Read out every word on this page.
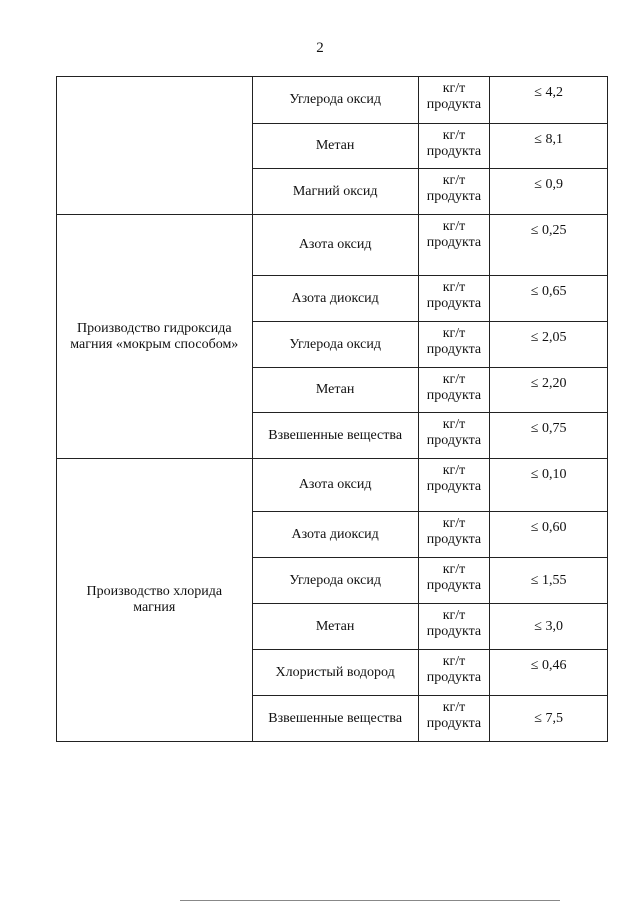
2
	Углерода оксид	кг/т
продукта	≤ 4,2
	Метан	кг/т
продукта	≤ 8,1
	Магний оксид	кг/т
продукта	≤ 0,9
Производство гидроксида магния «мокрым способом»	Азота оксид	кг/т
продукта	≤ 0,25
	Азота диоксид	кг/т
продукта	≤ 0,65
	Углерода оксид	кг/т
продукта	≤ 2,05
	Метан	кг/т
продукта	≤ 2,20
	Взвешенные вещества	кг/т
продукта	≤ 0,75
Производство хлорида магния	Азота оксид	кг/т
продукта	≤ 0,10
	Азота диоксид	кг/т
продукта	≤ 0,60
	Углерода оксид	кг/т
продукта	≤ 1,55
	Метан	кг/т
продукта	≤ 3,0
	Хлористый водород	кг/т
продукта	≤ 0,46
	Взвешенные вещества	кг/т
продукта	≤ 7,5
